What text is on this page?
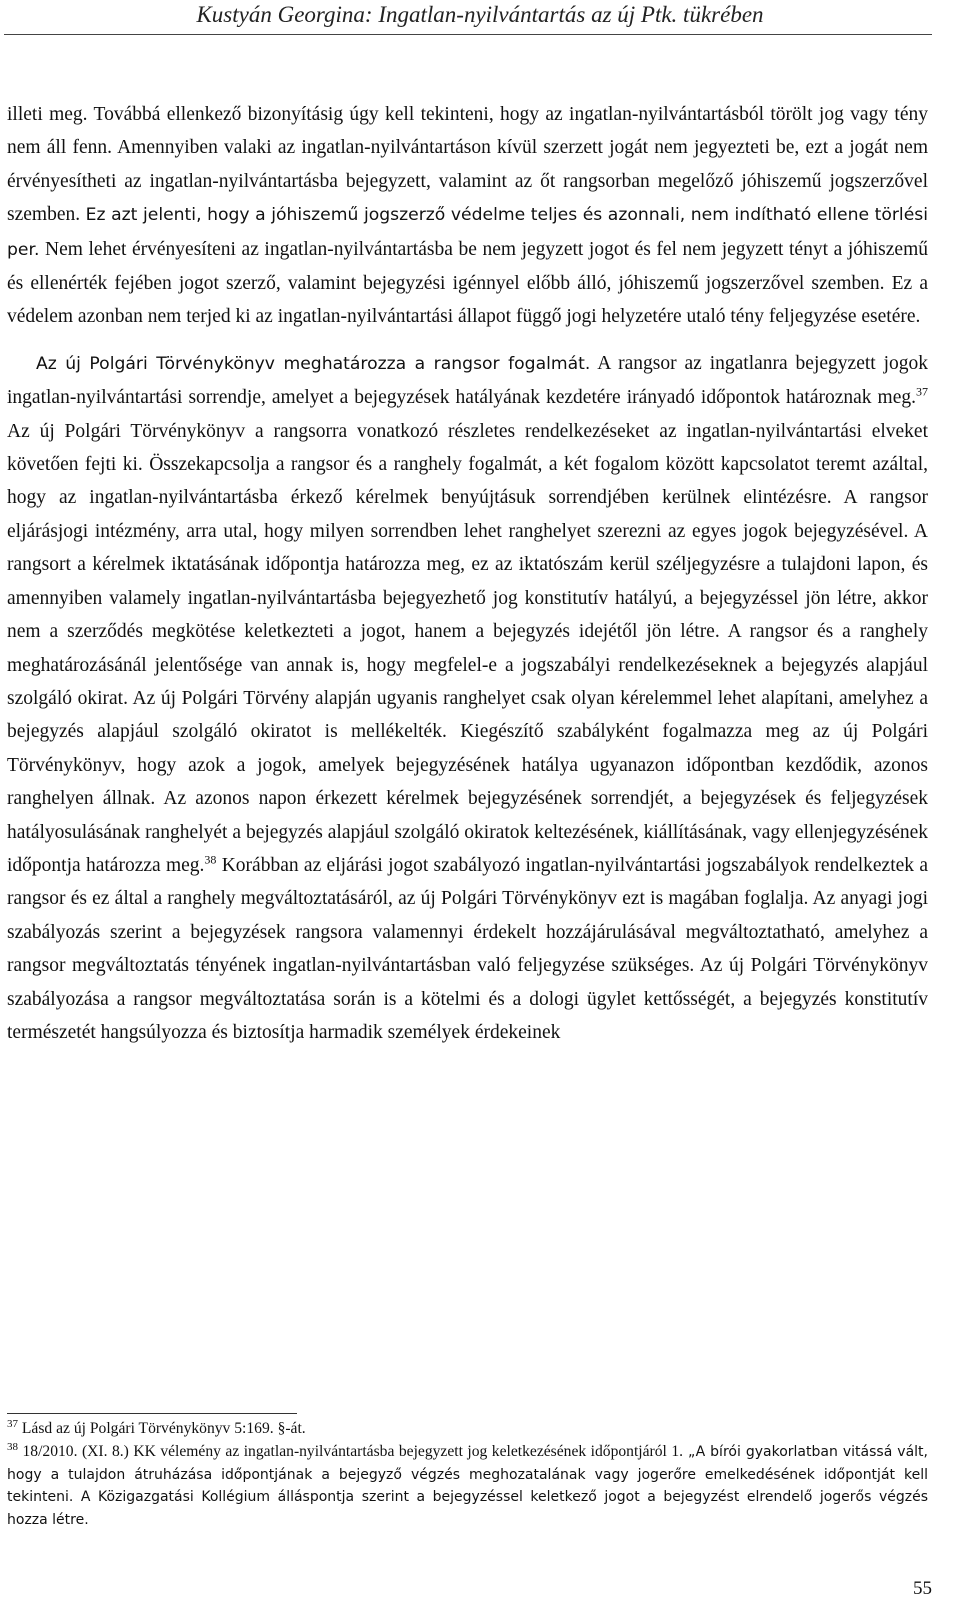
Kustyán Georgina: Ingatlan-nyilvántartás az új Ptk. tükrében

illeti meg. Továbbá ellenkező bizonyításig úgy kell tekinteni, hogy az ingatlan-nyilvántartásból törölt jog vagy tény nem áll fenn. Amennyiben valaki az ingatlan-nyilvántartáson kívül szerzett jogát nem jegyezteti be, ezt a jogát nem érvényesítheti az ingatlan-nyilvántartásba bejegyzett, valamint az őt rangsorban megelőző jóhiszemű jogszerzővel szemben. Ez azt jelenti, hogy a jóhiszemű jogszerző védelme teljes és azonnali, nem indítható ellene törlési per. Nem lehet érvényesíteni az ingatlan-nyilvántartásba be nem jegyzett jogot és fel nem jegyzett tényt a jóhiszemű és ellenérték fejében jogot szerző, valamint bejegyzési igénnyel előbb álló, jóhiszemű jogszerzővel szemben. Ez a védelem azonban nem terjed ki az ingatlan-nyilvántartási állapot függő jogi helyzetére utaló tény feljegyzése esetére.

Az új Polgári Törvénykönyv meghatározza a rangsor fogalmát. A rangsor az ingatlanra bejegyzett jogok ingatlan-nyilvántartási sorrendje, amelyet a bejegyzések hatályának kezdetére irányadó időpontok határoznak meg.$^{37}$ Az új Polgári Törvénykönyv a rangsorra vonatkozó részletes rendelkezéseket az ingatlan-nyilvántartási elveket követően fejti ki. Összekapcsolja a rangsor és a ranghely fogalmát, a két fogalom között kapcsolatot teremt azáltal, hogy az ingatlan-nyilvántartásba érkező kérelmek benyújtásuk sorrendjében kerülnek elintézésre. A rangsor eljárásjogi intézmény, arra utal, hogy milyen sorrendben lehet ranghelyet szerezni az egyes jogok bejegyzésével. A rangsort a kérelmek iktatásának időpontja határozza meg, ez az iktatószám kerül széljegyzésre a tulajdoni lapon, és amennyiben valamely ingatlan-nyilvántartásba bejegyezhető jog konstitutív hatályú, a bejegyzéssel jön létre, akkor nem a szerződés megkötése keletkezteti a jogot, hanem a bejegyzés idejétől jön létre. A rangsor és a ranghely meghatározásánál jelentősége van annak is, hogy megfelel-e a jogszabályi rendelkezéseknek a bejegyzés alapjául szolgáló okirat. Az új Polgári Törvény alapján ugyanis ranghelyet csak olyan kérelemmel lehet alapítani, amelyhez a bejegyzés alapjául szolgáló okiratot is mellékelték. Kiegészítő szabályként fogalmazza meg az új Polgári Törvénykönyv, hogy azok a jogok, amelyek bejegyzésének hatálya ugyanazon időpontban kezdődik, azonos ranghelyen állnak. Az azonos napon érkezett kérelmek bejegyzésének sorrendjét, a bejegyzések és feljegyzések hatályosulásának ranghelyét a bejegyzés alapjául szolgáló okiratok keltezésének, kiállításának, vagy ellenjegyzésének időpontja határozza meg.$^{38}$ Korábban az eljárási jogot szabályozó ingatlan-nyilvántartási jogszabályok rendelkeztek a rangsor és ez által a ranghely megváltoztatásáról, az új Polgári Törvénykönyv ezt is magában foglalja. Az anyagi jogi szabályozás szerint a bejegyzések rangsora valamennyi érdekelt hozzájárulásával megváltoztatható, amelyhez a rangsor megváltoztatás tényének ingatlan-nyilvántartásban való feljegyzése szükséges. Az új Polgári Törvénykönyv szabályozása a rangsor megváltoztatása során is a kötelmi és a dologi ügylet kettősségét, a bejegyzés konstitutív természetét hangsúlyozza és biztosítja harmadik személyek érdekeinek

$^{37}$ Lásd az új Polgári Törvénykönyv 5:169. §-át.

$^{38}$ 18/2010. (XI. 8.) KK vélemény az ingatlan-nyilvántartásba bejegyzett jog keletkezésének időpontjáról 1. „A bírói gyakorlatban vitássá vált, hogy a tulajdon átruházása időpontjának a bejegyző végzés meghozatalának vagy jogerőre emelkedésének időpontját kell tekinteni. A Közigazgatási Kollégium álláspontja szerint a bejegyzéssel keletkező jogot a bejegyzést elrendelő jogerős végzés hozza létre.

55
